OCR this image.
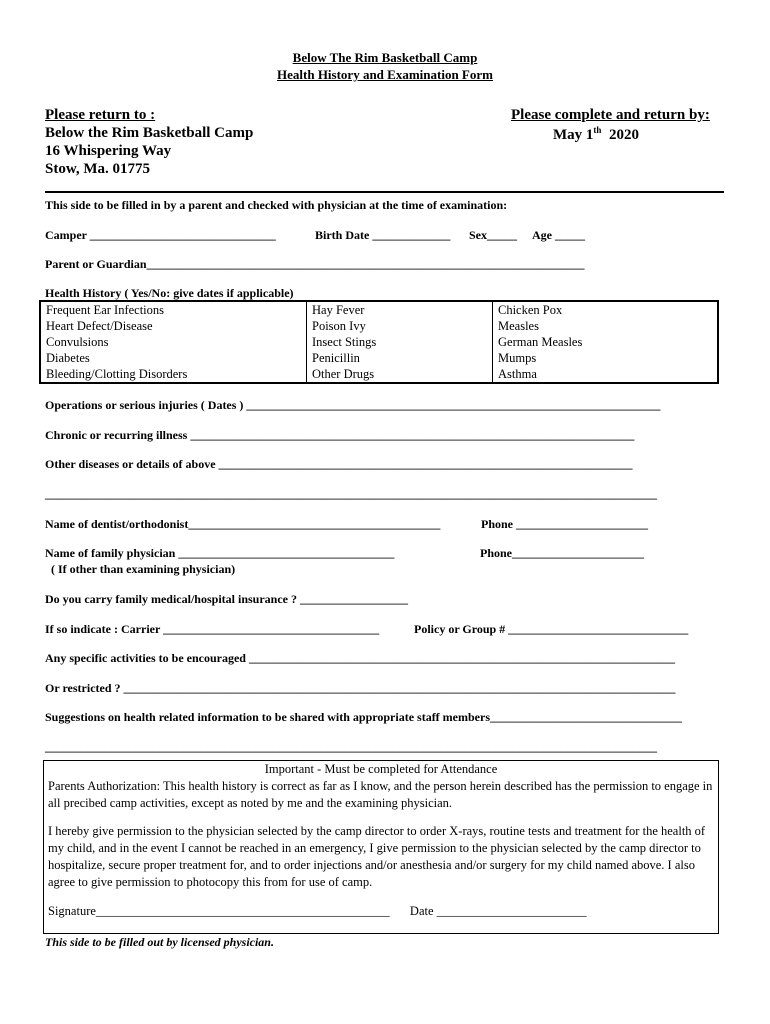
Below The Rim Basketball Camp
Health History and Examination Form
Please return to :
Below the Rim Basketball Camp
16 Whispering Way
Stow, Ma. 01775
Please complete and return by:
May 1th 2020
This side to be filled in by a parent and checked with physician at the time of examination:
Camper _______________________________	Birth Date _____________ Sex_____ Age _____
Parent or Guardian_________________________________________________________________________
Health History ( Yes/No: give dates if applicable)
Frequent Ear Infections	Hay Fever	Chicken Pox
Heart Defect/Disease	Poison Ivy	Measles
Convulsions	Insect Stings	German Measles
Diabetes	Penicillin	Mumps
Bleeding/Clotting Disorders	Other Drugs	Asthma
Operations or serious injuries ( Dates ) _____________________________________________________________________
Chronic or recurring illness __________________________________________________________________________
Other diseases or details of above _____________________________________________________________________
______________________________________________________________________________________________________
Name of dentist/orthodonist__________________________________________	Phone ______________________
Name of family physician ____________________________________	Phone______________________
( If other than examining physician)
Do you carry family medical/hospital insurance ? __________________
If so indicate : Carrier ____________________________________	Policy or Group # ______________________________
Any specific activities to be encouraged _______________________________________________________________________
Or restricted ? ____________________________________________________________________________________________
Suggestions on health related information to be shared with appropriate staff members________________________________
______________________________________________________________________________________________________

Important - Must be completed for Attendance

Parents Authorization: This health history is correct as far as I know, and the person herein described has the permission to engage in all precibed camp activities, except as noted by me and the examining physician.

I hereby give permission to the physician selected by the camp director to order X-rays, routine tests and treatment for the health of my child, and in the event I cannot be reached in an emergency, I give permission to the physician selected by the camp director to hospitalize, secure proper treatment for, and to order injections and/or anesthesia and/or surgery for my child named above. I also agree to give permission to photocopy this from for use of camp.

Signature_______________________________________________ Date ________________________
This side to be filled out by licensed physician.
